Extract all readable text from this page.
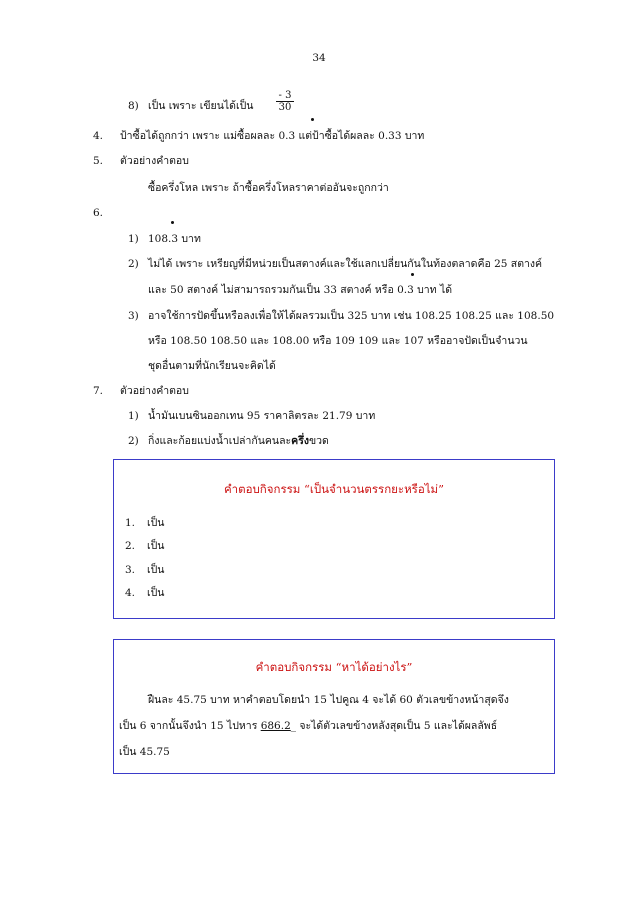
34
8) เป็น เพราะ เขียนได้เป็น $\frac{- 3}{30}$
4. ป้าซื้อได้ถูกกว่า เพราะ แม่ซื้อผลละ 0.3 แต่ป้าซื้อได้ผลละ 0.33 บาท
5. ตัวอย่างคำตอบ
ซื้อครึ่งโหล เพราะ ถ้าซื้อครึ่งโหลราคาต่ออันจะถูกกว่า
6.
1) 108.3 บาท
2) ไม่ได้ เพราะ เหรียญที่มีหน่วยเป็นสตางค์และใช้แลกเปลี่ยนกันในท้องตลาดคือ 25 สตางค์
และ 50 สตางค์ ไม่สามารถรวมกันเป็น 33 สตางค์ หรือ 0.3 บาท ได้
3) อาจใช้การปัดขึ้นหรือลงเพื่อให้ได้ผลรวมเป็น 325 บาท เช่น 108.25 108.25 และ 108.50
หรือ 108.50 108.50 และ 108.00 หรือ 109 109 และ 107 หรืออาจปัดเป็นจำนวน
ชุดอื่นตามที่นักเรียนจะคิดได้
7. ตัวอย่างคำตอบ
1) น้ำมันเบนซินออกเทน 95 ราคาลิตรละ 21.79 บาท
2) กิ่งและก้อยแบ่งน้ำเปล่ากันคนละครึ่งขวด
คำตอบกิจกรรม “เป็นจำนวนตรรกยะหรือไม่”
1. เป็น
2. เป็น
3. เป็น
4. เป็น
คำตอบกิจกรรม “หาได้อย่างไร”
ฝืนละ 45.75 บาท หาคำตอบโดยนำ 15 ไปคูณ 4 จะได้ 60 ตัวเลขข้างหน้าสุดจึง
เป็น 6 จากนั้นจึงนำ 15 ไปหาร 686.2_ จะได้ตัวเลขข้างหลังสุดเป็น 5 และได้ผลลัพธ์
เป็น 45.75
